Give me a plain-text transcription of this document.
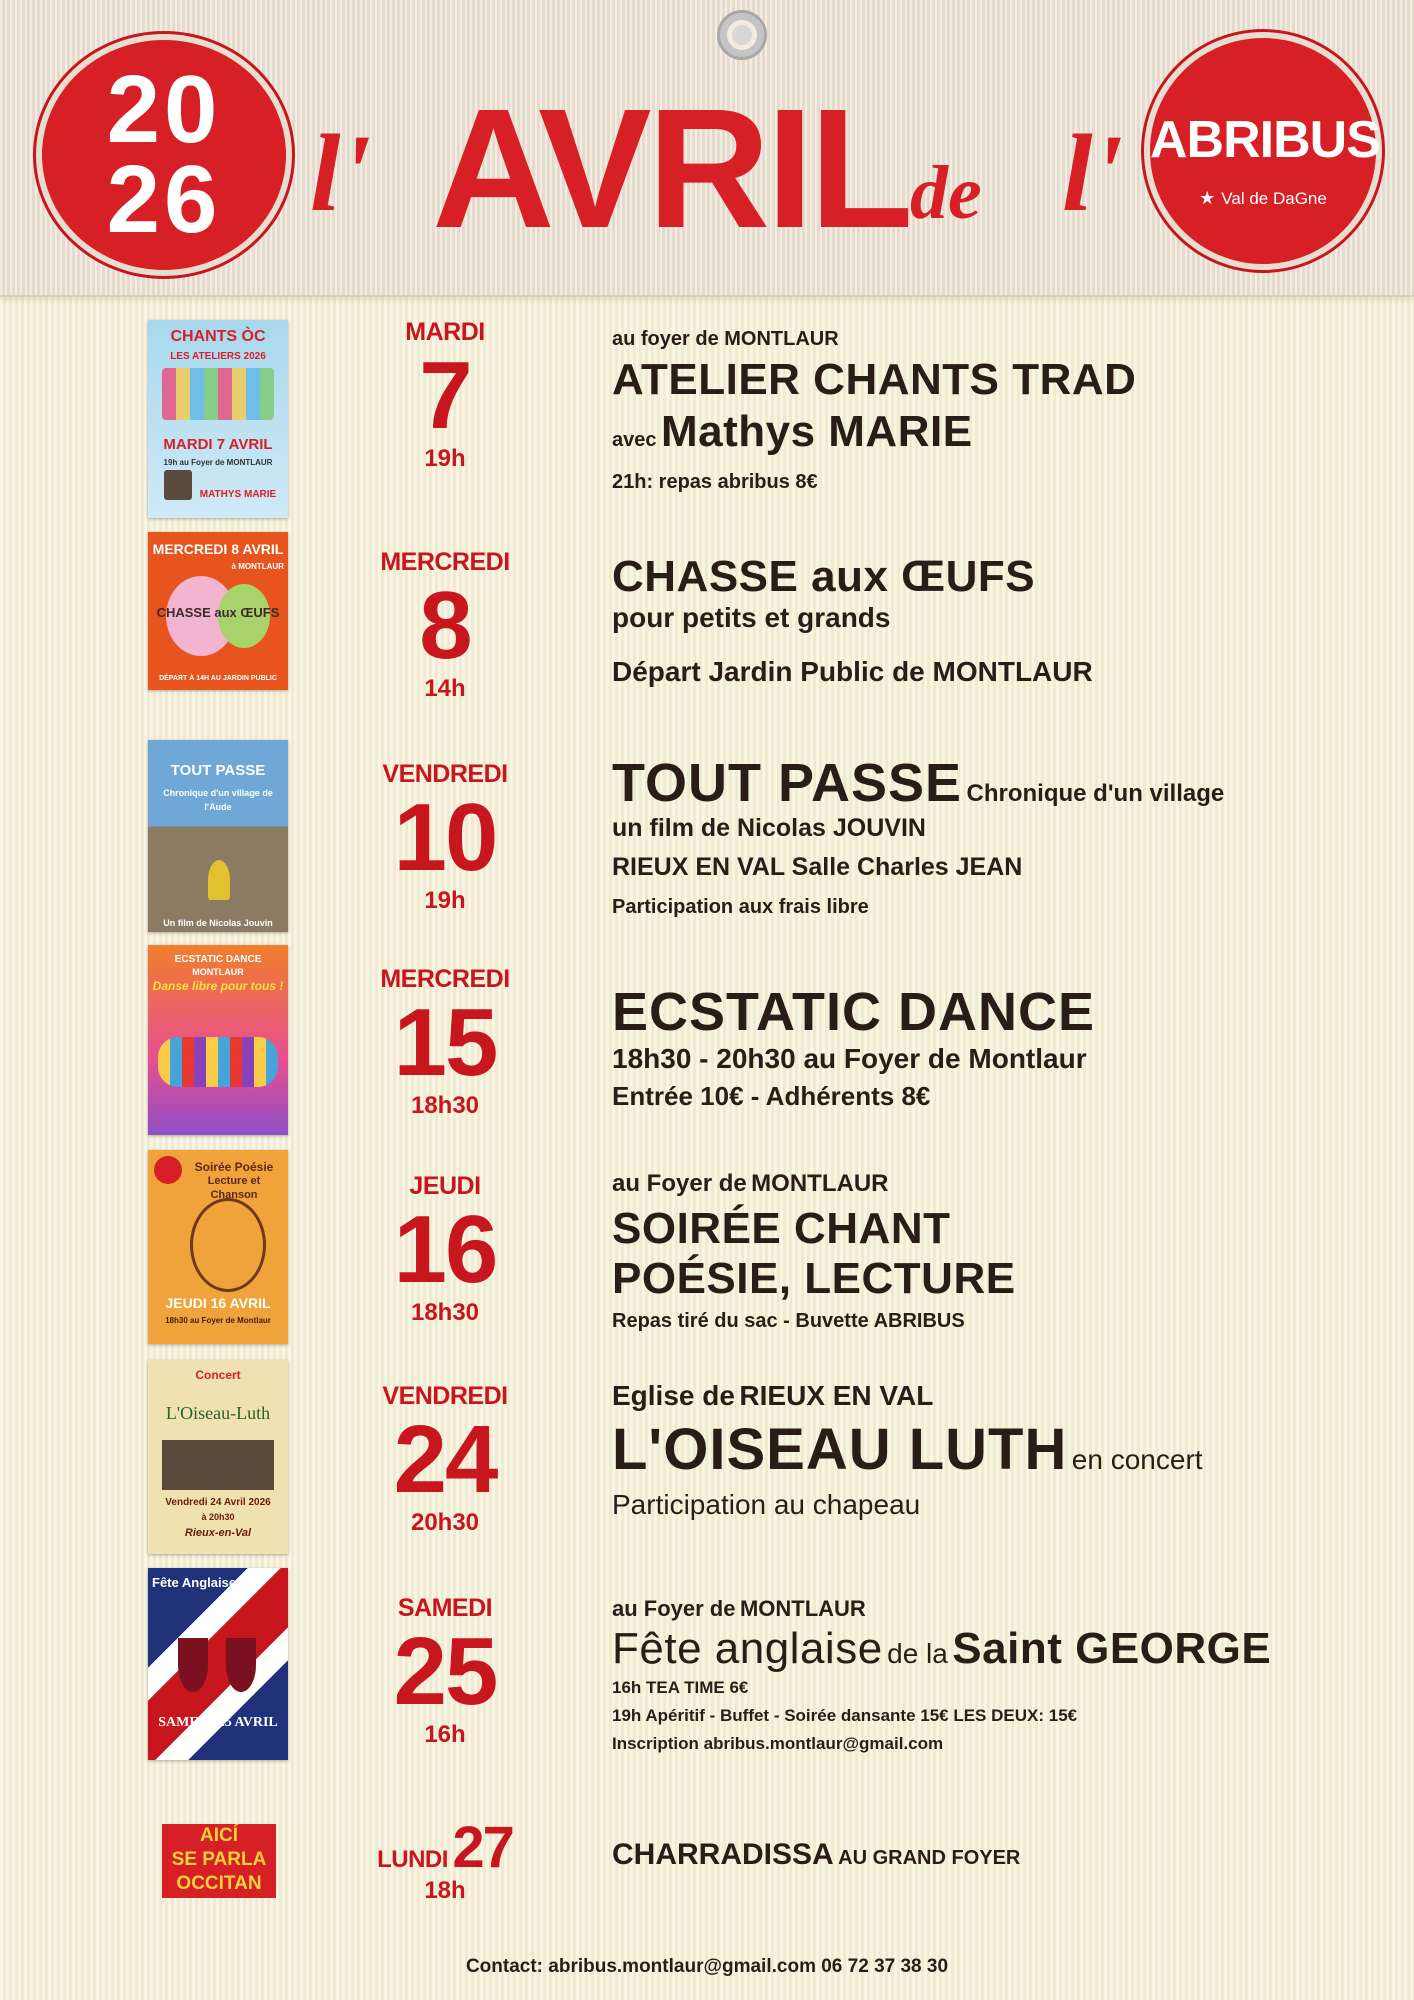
20
26 l' AVRIL de l' ABRIBUS
★ Val de DaGne
CHANTS ÒC
LES ATELIERS 2026
MARDI 7 AVRIL
19h au Foyer de MONTLAUR
MATHYS MARIE
MARDI
7
19h
au foyer de MONTLAUR
ATELIER CHANTS TRAD
avec Mathys MARIE
21h: repas abribus 8€
MERCREDI 8 AVRIL
à MONTLAUR
CHASSE aux ŒUFS
DÉPART À 14H AU JARDIN PUBLIC
MERCREDI
8
14h
CHASSE aux ŒUFS
pour petits et grands
Départ Jardin Public de MONTLAUR
TOUT PASSE
Chronique d'un village de l'Aude
Un film de Nicolas Jouvin
VENDREDI
10
19h
TOUT PASSE Chronique d'un village
un film de Nicolas JOUVIN
RIEUX EN VAL Salle Charles JEAN
Participation aux frais libre
ECSTATIC DANCE
MONTLAUR
Danse libre pour tous !	MERCREDI
15
18h30
ECSTATIC DANCE
18h30 - 20h30 au Foyer de Montlaur
Entrée 10€ - Adhérents 8€
Soirée Poésie
Lecture et Chanson
JEUDI 16 AVRIL
18h30 au Foyer de Montlaur
JEUDI
16
18h30
au Foyer de MONTLAUR
SOIRÉE CHANT
POÉSIE, LECTURE
Repas tiré du sac - Buvette ABRIBUS
Concert
L'Oiseau-Luth
Vendredi 24 Avril 2026
à 20h30
Rieux-en-Val
VENDREDI
24
20h30
Eglise de RIEUX EN VAL
L'OISEAU LUTH en concert
Participation au chapeau
Fête Anglaise
SAMEDI 25 AVRIL
SAMEDI
25
16h
au Foyer de MONTLAUR
Fête anglaise de la Saint GEORGE
16h TEA TIME 6€
19h Apéritif - Buffet - Soirée dansante 15€ LES DEUX: 15€
Inscription abribus.montlaur@gmail.com
AICÍ
SE PARLA
OCCITAN
LUNDI 27
18h
CHARRADISSA AU GRAND FOYER
Contact: abribus.montlaur@gmail.com 06 72 37 38 30
